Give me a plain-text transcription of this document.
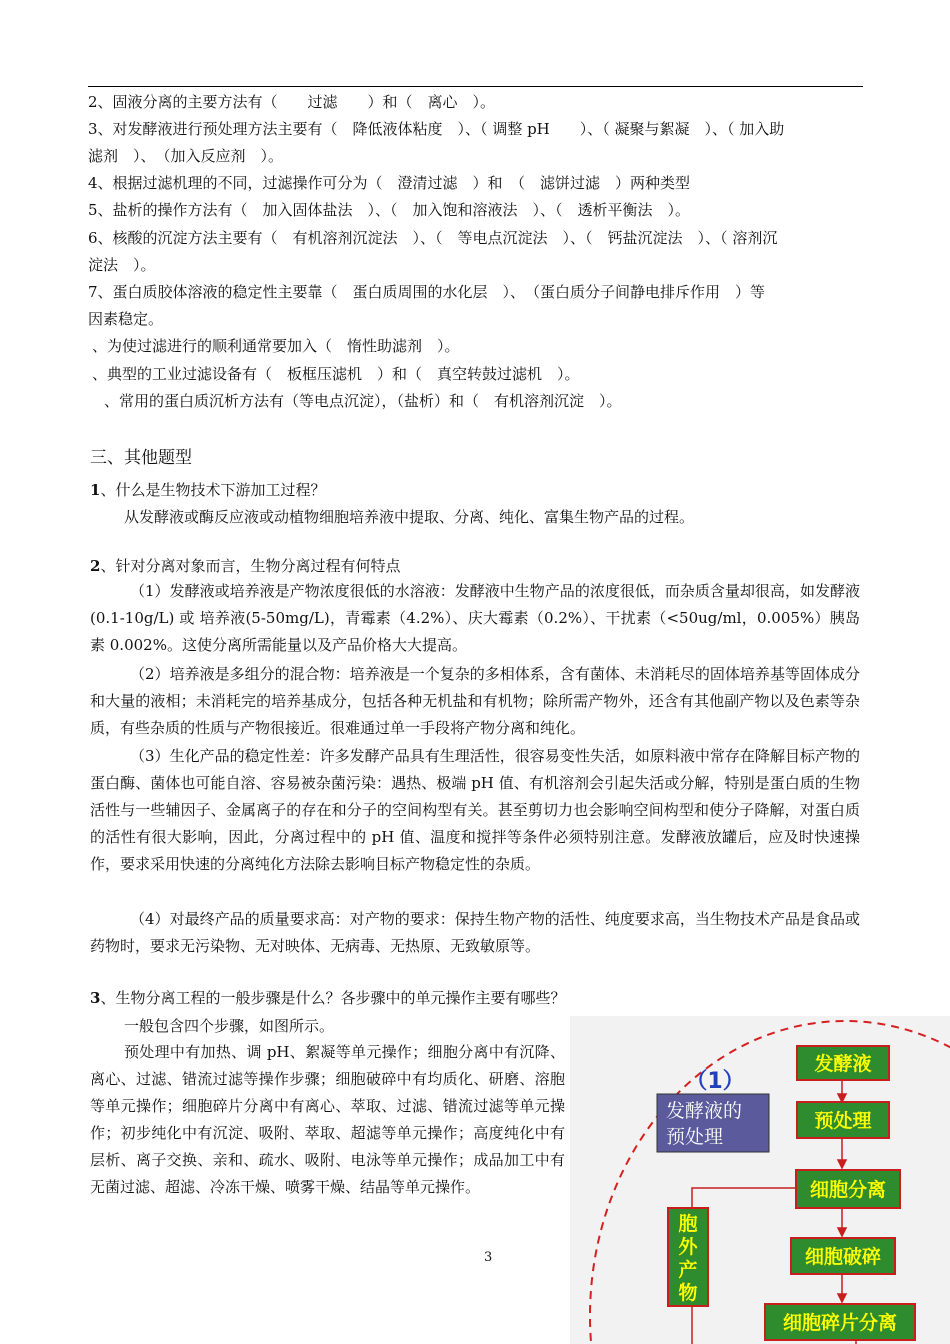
2、固液分离的主要方法有（　　过滤　　）和（　离心　）。
3、对发酵液进行预处理方法主要有（　降低液体粘度　）、（ 调整 pH　　）、（ 凝聚与絮凝　）、（ 加入助
滤剂　）、　（加入反应剂　）。
4、根据过滤机理的不同，过滤操作可分为（　澄清过滤　）和　（　滤饼过滤　）两种类型
5、盐析的操作方法有（　加入固体盐法　）、（　加入饱和溶液法　）、（　透析平衡法　）。
6、核酸的沉淀方法主要有（　有机溶剂沉淀法　）、（　等电点沉淀法　）、（　钙盐沉淀法　）、（ 溶剂沉
淀法　）。
7、蛋白质胶体溶液的稳定性主要靠（　蛋白质周围的水化层　）、　（蛋白质分子间静电排斥作用　）等
因素稳定。
、为使过滤进行的顺利通常要加入（　惰性助滤剂　）。
、典型的工业过滤设备有（　板框压滤机　）和（　真空转鼓过滤机　）。
、常用的蛋白质沉析方法有（等电点沉淀），（盐析）和（　有机溶剂沉淀　）。
三、其他题型
1、什么是生物技术下游加工过程？
从发酵液或酶反应液或动植物细胞培养液中提取、分离、纯化、富集生物产品的过程。
2、针对分离对象而言，生物分离过程有何特点
（1）发酵液或培养液是产物浓度很低的水溶液：发酵液中生物产品的浓度很低，而杂质含量却很高，如发酵液 (0.1-10g/L) 或 培养液(5-50mg/L)，青霉素（4.2%）、庆大霉素（0.2%）、干扰素（<50ug/ml，0.005%）胰岛素 0.002%。这使分离所需能量以及产品价格大大提高。
（2）培养液是多组分的混合物：培养液是一个复杂的多相体系，含有菌体、未消耗尽的固体培养基等固体成分和大量的液相；未消耗完的培养基成分，包括各种无机盐和有机物；除所需产物外，还含有其他副产物以及色素等杂质，有些杂质的性质与产物很接近。很难通过单一手段将产物分离和纯化。
（3）生化产品的稳定性差：许多发酵产品具有生理活性，很容易变性失活，如原料液中常存在降解目标产物的蛋白酶、菌体也可能自溶、容易被杂菌污染：遇热、极端 pH 值、有机溶剂会引起失活或分解，特别是蛋白质的生物活性与一些辅因子、金属离子的存在和分子的空间构型有关。甚至剪切力也会影响空间构型和使分子降解，对蛋白质的活性有很大影响，因此，分离过程中的 pH 值、温度和搅拌等条件必须特别注意。发酵液放罐后，应及时快速操作，要求采用快速的分离纯化方法除去影响目标产物稳定性的杂质。
（4）对最终产品的质量要求高：对产物的要求：保持生物产物的活性、纯度要求高，当生物技术产品是食品或药物时，要求无污染物、无对映体、无病毒、无热原、无致敏原等。
3、生物分离工程的一般步骤是什么？各步骤中的单元操作主要有哪些？
一般包含四个步骤，如图所示。
预处理中有加热、调 pH、絮凝等单元操作；细胞分离中有沉降、离心、过滤、错流过滤等操作步骤；细胞破碎中有均质化、研磨、溶胞等单元操作；细胞碎片分离中有离心、萃取、过滤、错流过滤等单元操作；初步纯化中有沉淀、吸附、萃取、超滤等单元操作；高度纯化中有层析、离子交换、亲和、疏水、吸附、电泳等单元操作；成品加工中有无菌过滤、超滤、冷冻干燥、喷雾干燥、结晶等单元操作。
3
（1）
发酵液的
预处理
发酵液
预处理
细胞分离
细胞破碎
细胞碎片分离
胞
外
产
物
